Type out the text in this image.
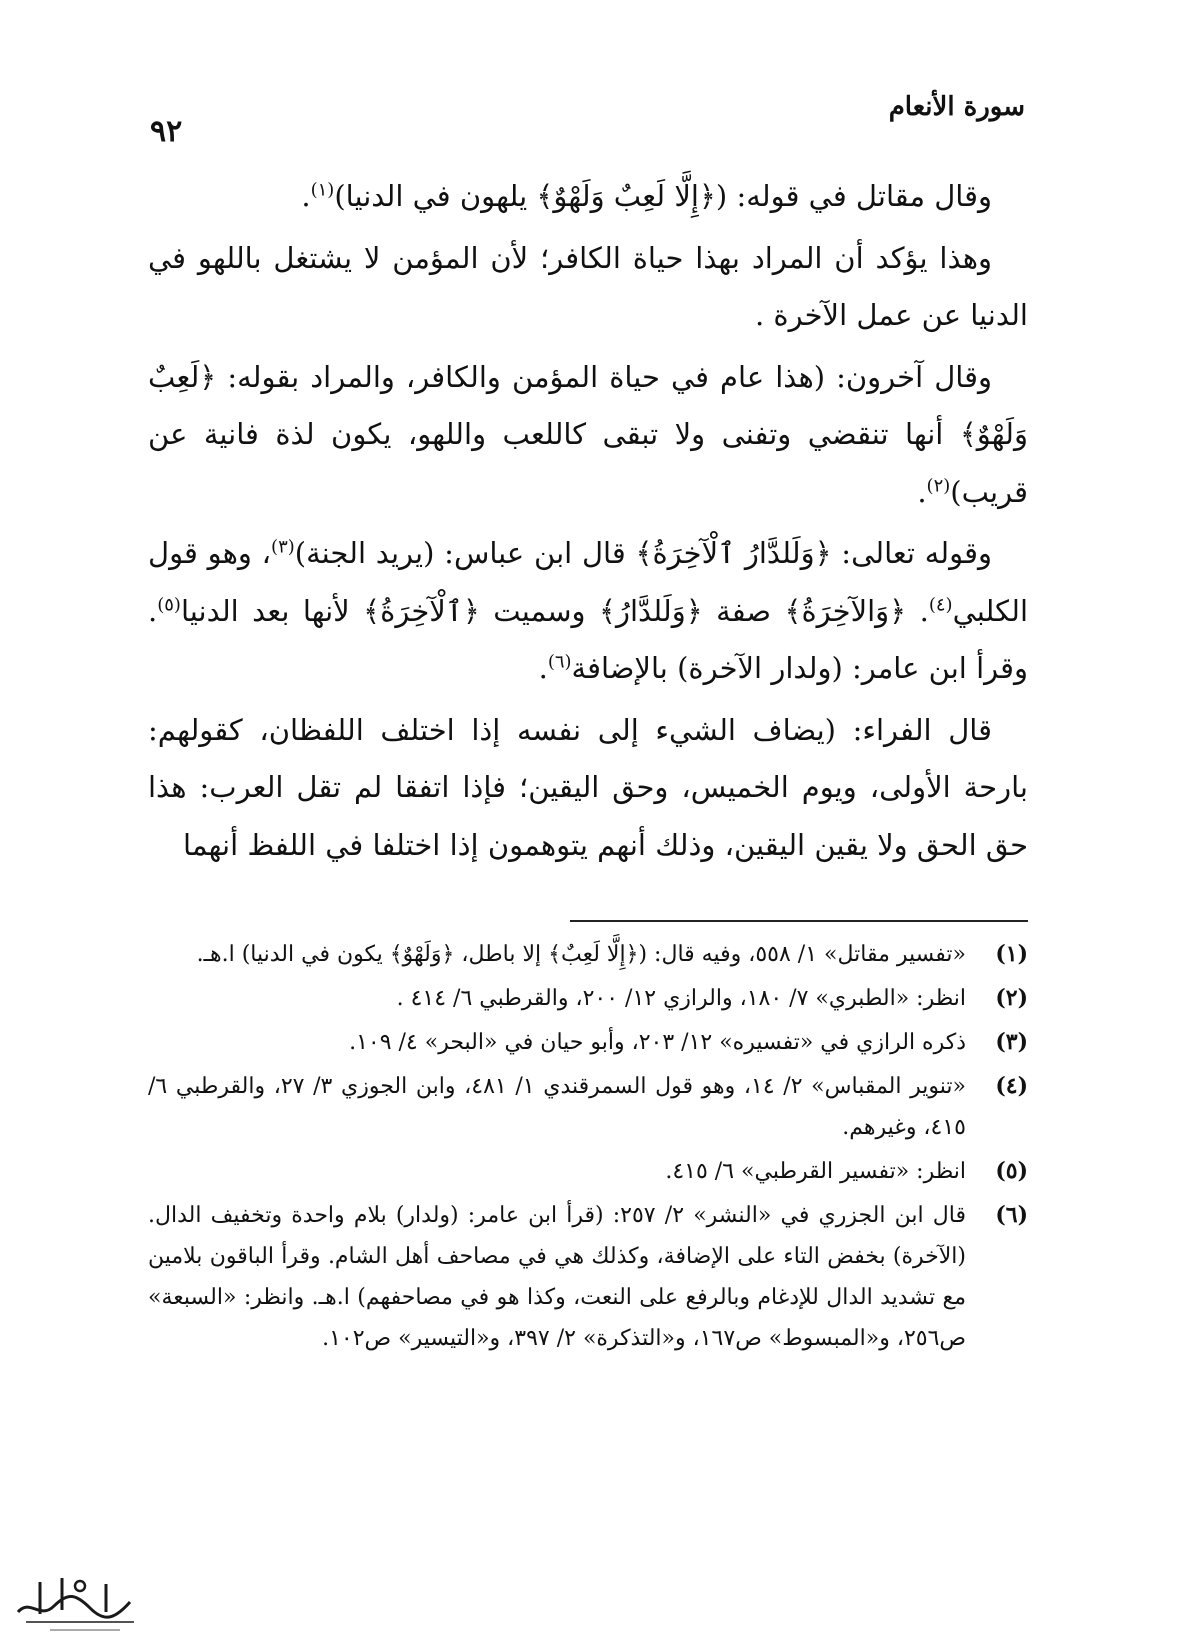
سورة الأنعام
٩٢

وقال مقاتل في قوله: (﴿إِلَّا لَعِبٌ وَلَهْوٌ﴾ يلهون في الدنيا)$^{(١)}$.

وهذا يؤكد أن المراد بهذا حياة الكافر؛ لأن المؤمن لا يشتغل باللهو في الدنيا عن عمل الآخرة .

وقال آخرون: (هذا عام في حياة المؤمن والكافر، والمراد بقوله: ﴿لَعِبٌ وَلَهْوٌ﴾ أنها تنقضي وتفنى ولا تبقى كاللعب واللهو، يكون لذة فانية عن قريب)$^{(٢)}$.

وقوله تعالى: ﴿وَلَلدَّارُ ٱلْآخِرَةُ﴾ قال ابن عباس: (يريد الجنة)$^{(٣)}$، وهو قول الكلبي$^{(٤)}$. ﴿وَالآخِرَةُ﴾ صفة ﴿وَلَلدَّارُ﴾ وسميت ﴿ٱلْآخِرَةُ﴾ لأنها بعد الدنيا$^{(٥)}$. وقرأ ابن عامر: (ولدار الآخرة) بالإضافة$^{(٦)}$.

قال الفراء: (يضاف الشيء إلى نفسه إذا اختلف اللفظان، كقولهم: بارحة الأولى، ويوم الخميس، وحق اليقين؛ فإذا اتفقا لم تقل العرب: هذا حق الحق ولا يقين اليقين، وذلك أنهم يتوهمون إذا اختلفا في اللفظ أنهما

(١)
«تفسير مقاتل» ١/ ٥٥٨، وفيه قال: (﴿إِلَّا لَعِبٌ﴾ إلا باطل، ﴿وَلَهْوٌ﴾ يكون في الدنيا) ا.هـ.
(٢)
انظر: «الطبري» ٧/ ١٨٠، والرازي ١٢/ ٢٠٠، والقرطبي ٦/ ٤١٤ .
(٣)
ذكره الرازي في «تفسيره» ١٢/ ٢٠٣، وأبو حيان في «البحر» ٤/ ١٠٩.
(٤)
«تنوير المقباس» ٢/ ١٤، وهو قول السمرقندي ١/ ٤٨١، وابن الجوزي ٣/ ٢٧، والقرطبي ٦/ ٤١٥، وغيرهم.
(٥)
انظر: «تفسير القرطبي» ٦/ ٤١٥.
(٦)
قال ابن الجزري في «النشر» ٢/ ٢٥٧: (قرأ ابن عامر: (ولدار) بلام واحدة وتخفيف الدال. (الآخرة) بخفض التاء على الإضافة، وكذلك هي في مصاحف أهل الشام. وقرأ الباقون بلامين مع تشديد الدال للإدغام وبالرفع على النعت، وكذا هو في مصاحفهم) ا.هـ. وانظر: «السبعة» ص٢٥٦، و«المبسوط» ص١٦٧، و«التذكرة» ٢/ ٣٩٧، و«التيسير» ص١٠٢.
